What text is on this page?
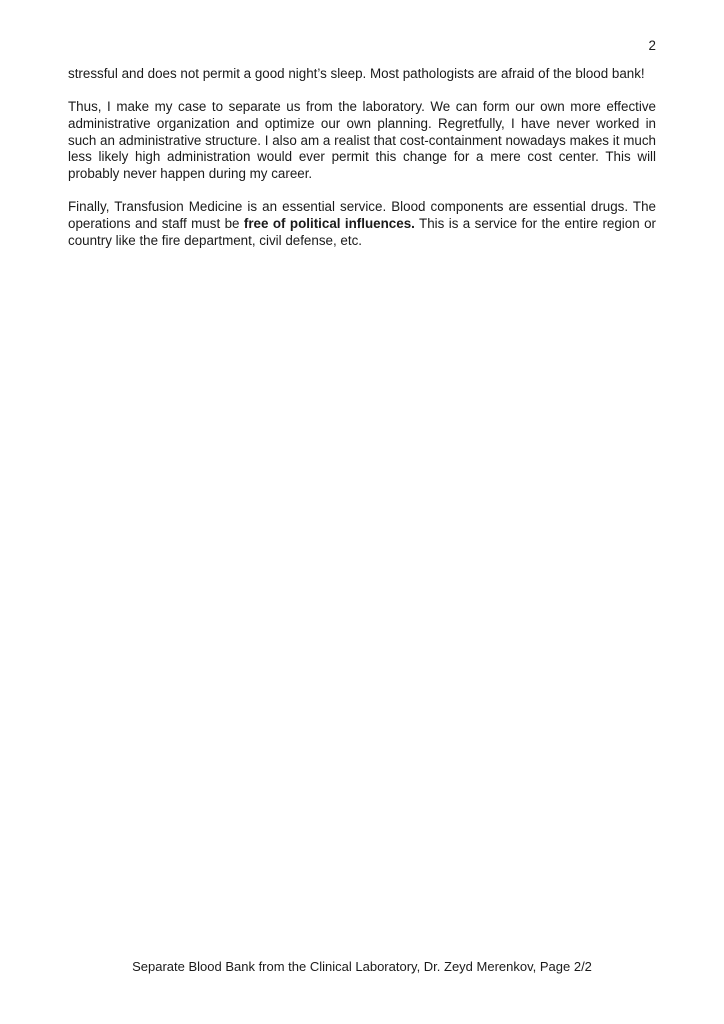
2

stressful and does not permit a good night’s sleep. Most pathologists are afraid of the blood bank!

Thus, I make my case to separate us from the laboratory. We can form our own more effective administrative organization and optimize our own planning. Regretfully, I have never worked in such an administrative structure. I also am a realist that cost-containment nowadays makes it much less likely high administration would ever permit this change for a mere cost center. This will probably never happen during my career.

Finally, Transfusion Medicine is an essential service. Blood components are essential drugs. The operations and staff must be free of political influences. This is a service for the entire region or country like the fire department, civil defense, etc.

Separate Blood Bank from the Clinical Laboratory, Dr. Zeyd Merenkov, Page 2/2
